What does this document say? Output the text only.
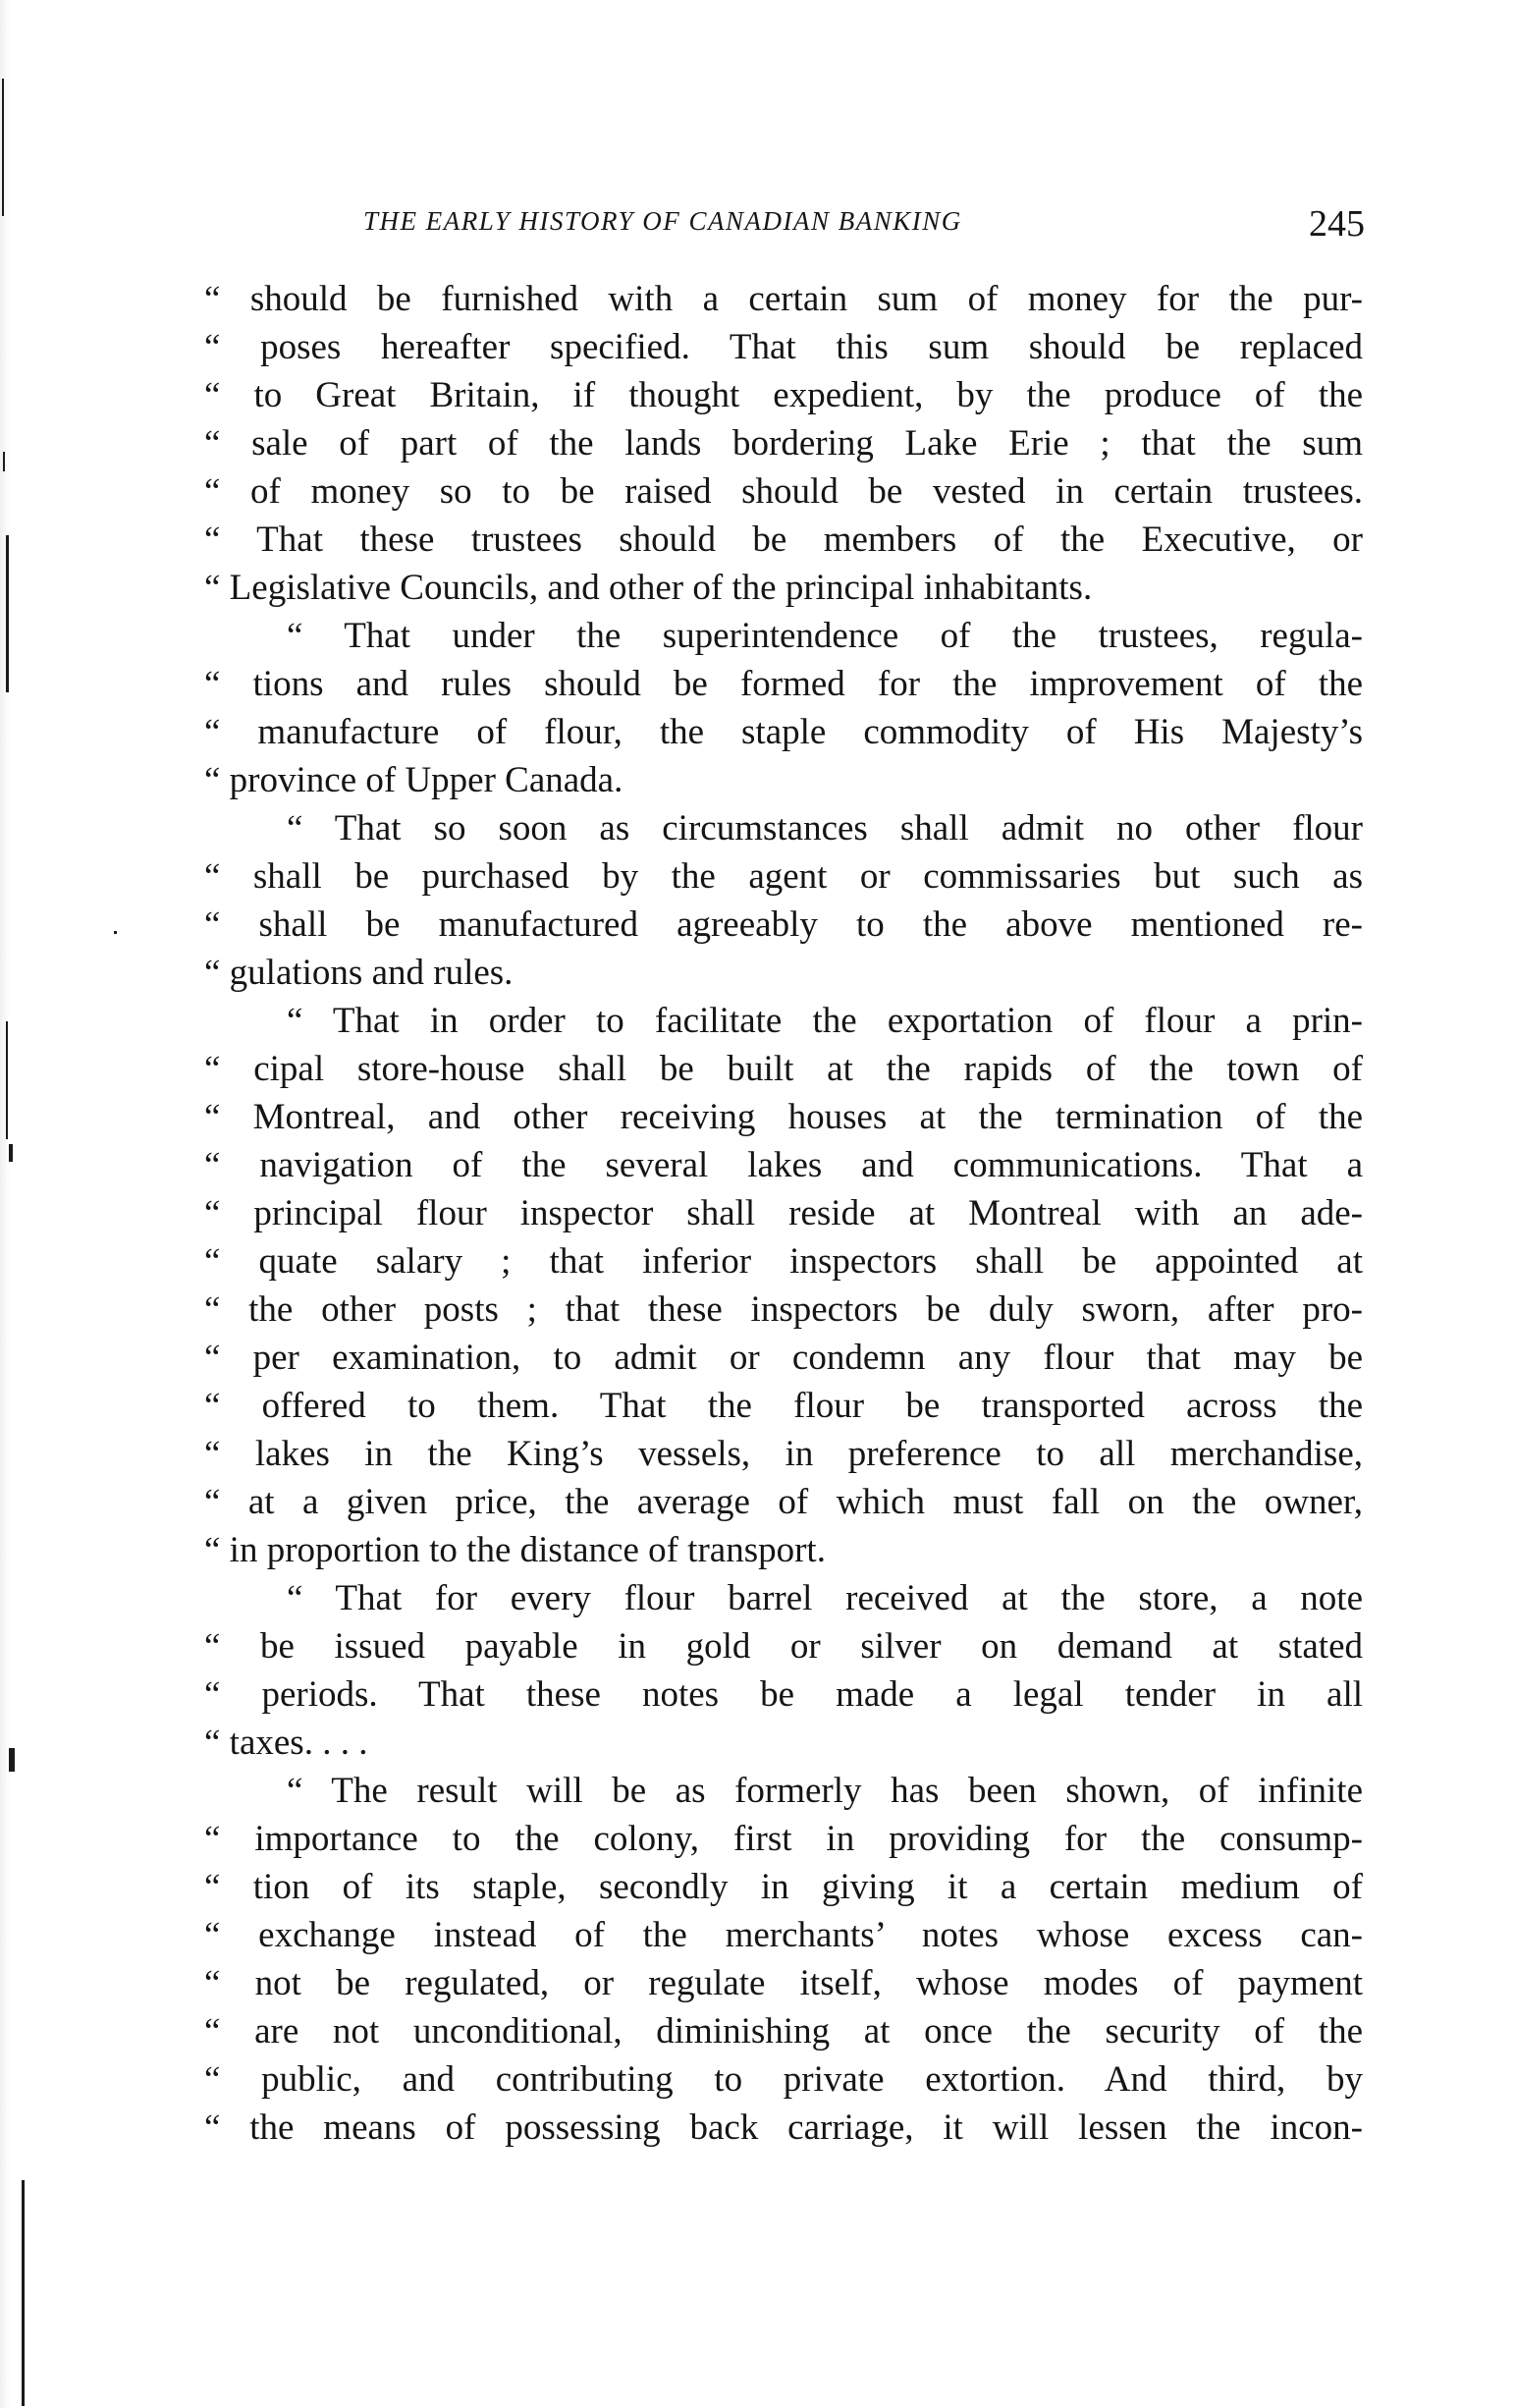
THE EARLY HISTORY OF CANADIAN BANKING	245
“ should be furnished with a certain sum of money for the pur-
“ poses hereafter specified. That this sum should be replaced
“ to Great Britain, if thought expedient, by the produce of the
“ sale of part of the lands bordering Lake Erie ; that the sum
“ of money so to be raised should be vested in certain trustees.
“ That these trustees should be members of the Executive, or
“ Legislative Councils, and other of the principal inhabitants.
“ That under the superintendence of the trustees, regula-
“ tions and rules should be formed for the improvement of the
“ manufacture of flour, the staple commodity of His Majesty’s
“ province of Upper Canada.
“ That so soon as circumstances shall admit no other flour
“ shall be purchased by the agent or commissaries but such as
“ shall be manufactured agreeably to the above mentioned re-
“ gulations and rules.
“ That in order to facilitate the exportation of flour a prin-
“ cipal store-house shall be built at the rapids of the town of
“ Montreal, and other receiving houses at the termination of the
“ navigation of the several lakes and communications. That a
“ principal flour inspector shall reside at Montreal with an ade-
“ quate salary ; that inferior inspectors shall be appointed at
“ the other posts ; that these inspectors be duly sworn, after pro-
“ per examination, to admit or condemn any flour that may be
“ offered to them. That the flour be transported across the
“ lakes in the King’s vessels, in preference to all merchandise,
“ at a given price, the average of which must fall on the owner,
“ in proportion to the distance of transport.
“ That for every flour barrel received at the store, a note
“ be issued payable in gold or silver on demand at stated
“ periods. That these notes be made a legal tender in all
“ taxes. . . .
“ The result will be as formerly has been shown, of infinite
“ importance to the colony, first in providing for the consump-
“ tion of its staple, secondly in giving it a certain medium of
“ exchange instead of the merchants’ notes whose excess can-
“ not be regulated, or regulate itself, whose modes of payment
“ are not unconditional, diminishing at once the security of the
“ public, and contributing to private extortion. And third, by
“ the means of possessing back carriage, it will lessen the incon-
